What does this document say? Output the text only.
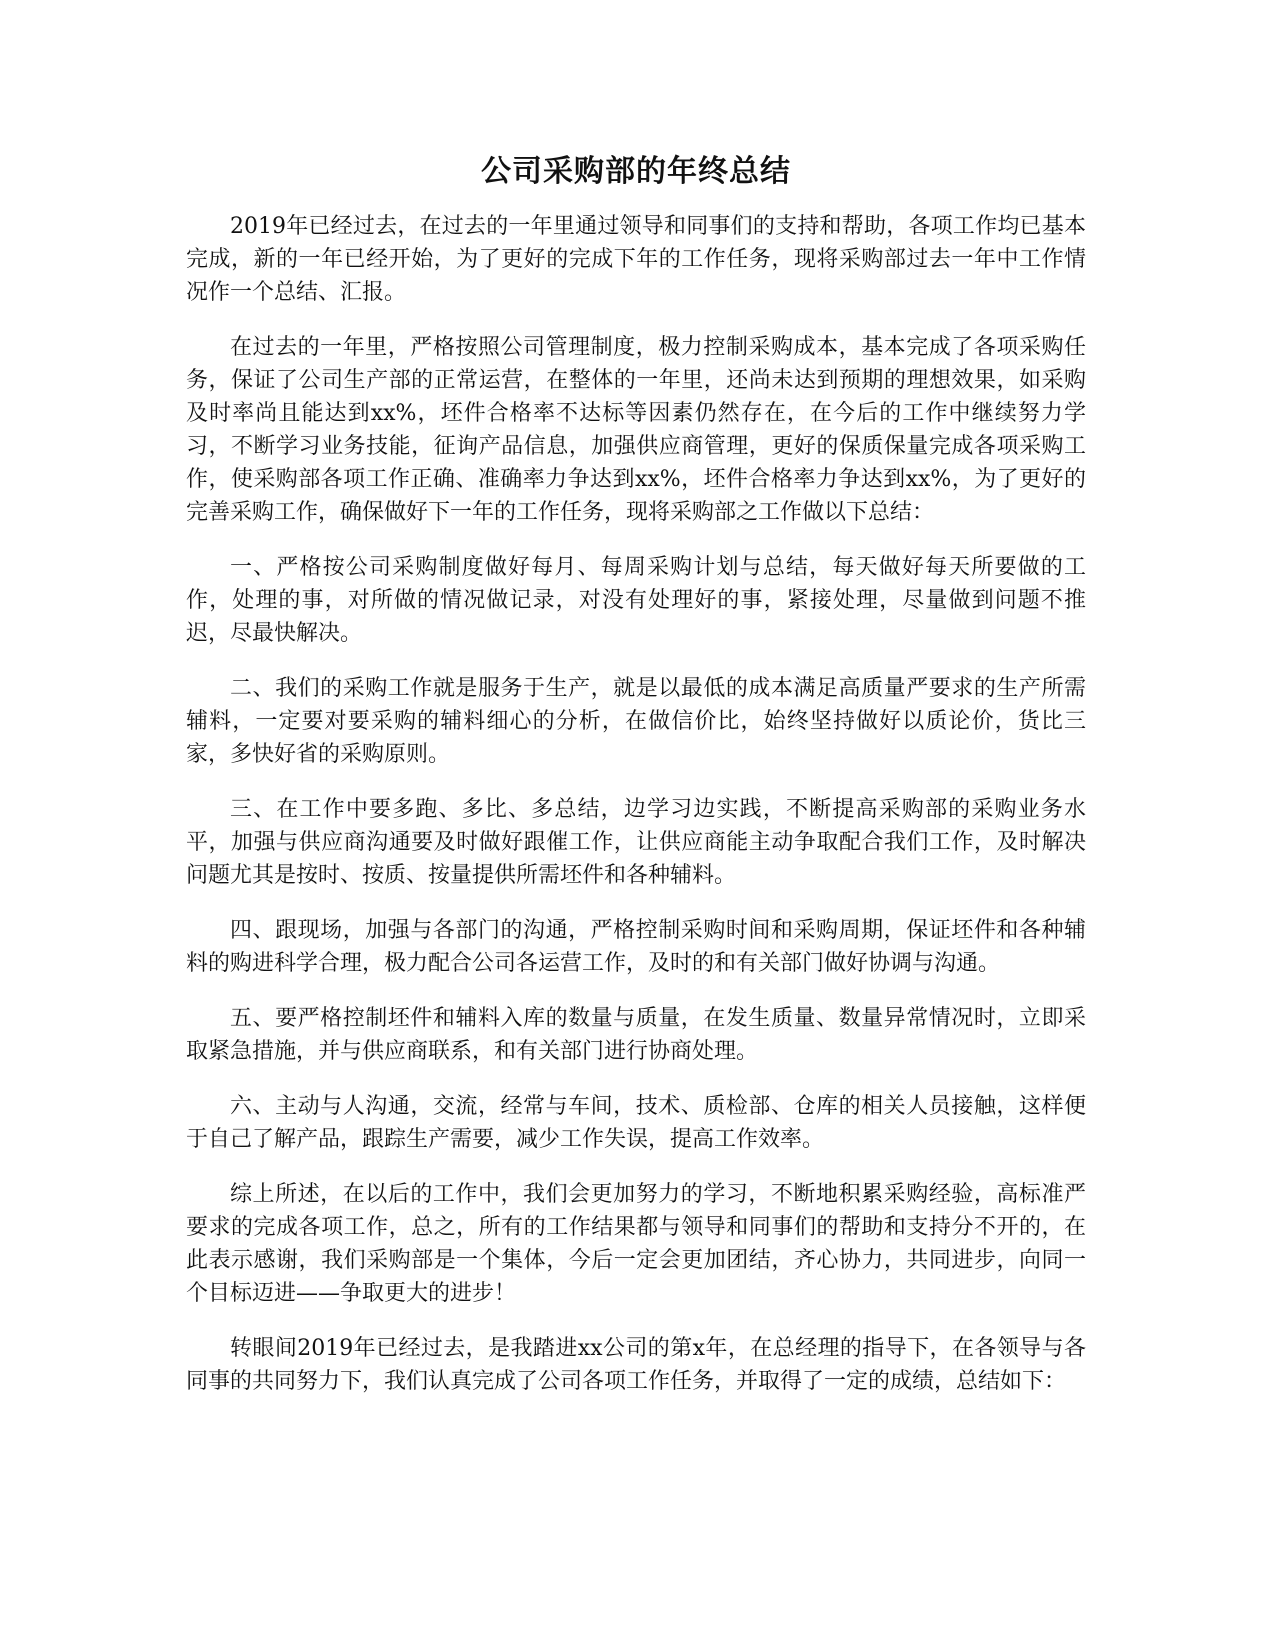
公司采购部的年终总结

2019年已经过去，在过去的一年里通过领导和同事们的支持和帮助，各项工作均已基本完成，新的一年已经开始，为了更好的完成下年的工作任务，现将采购部过去一年中工作情况作一个总结、汇报。

在过去的一年里，严格按照公司管理制度，极力控制采购成本，基本完成了各项采购任务，保证了公司生产部的正常运营，在整体的一年里，还尚未达到预期的理想效果，如采购及时率尚且能达到xx%，坯件合格率不达标等因素仍然存在，在今后的工作中继续努力学习，不断学习业务技能，征询产品信息，加强供应商管理，更好的保质保量完成各项采购工作，使采购部各项工作正确、准确率力争达到xx%，坯件合格率力争达到xx%，为了更好的完善采购工作，确保做好下一年的工作任务，现将采购部之工作做以下总结：

一、严格按公司采购制度做好每月、每周采购计划与总结，每天做好每天所要做的工作，处理的事，对所做的情况做记录，对没有处理好的事，紧接处理，尽量做到问题不推迟，尽最快解决。

二、我们的采购工作就是服务于生产，就是以最低的成本满足高质量严要求的生产所需辅料，一定要对要采购的辅料细心的分析，在做信价比，始终坚持做好以质论价，货比三家，多快好省的采购原则。

三、在工作中要多跑、多比、多总结，边学习边实践，不断提高采购部的采购业务水平，加强与供应商沟通要及时做好跟催工作，让供应商能主动争取配合我们工作，及时解决问题尤其是按时、按质、按量提供所需坯件和各种辅料。

四、跟现场，加强与各部门的沟通，严格控制采购时间和采购周期，保证坯件和各种辅料的购进科学合理，极力配合公司各运营工作，及时的和有关部门做好协调与沟通。

五、要严格控制坯件和辅料入库的数量与质量，在发生质量、数量异常情况时，立即采取紧急措施，并与供应商联系，和有关部门进行协商处理。

六、主动与人沟通，交流，经常与车间，技术、质检部、仓库的相关人员接触，这样便于自己了解产品，跟踪生产需要，减少工作失误，提高工作效率。

综上所述，在以后的工作中，我们会更加努力的学习，不断地积累采购经验，高标准严要求的完成各项工作，总之，所有的工作结果都与领导和同事们的帮助和支持分不开的，在此表示感谢，我们采购部是一个集体，今后一定会更加团结，齐心协力，共同进步，向同一个目标迈进——争取更大的进步！

转眼间2019年已经过去，是我踏进xx公司的第x年，在总经理的指导下，在各领导与各同事的共同努力下，我们认真完成了公司各项工作任务，并取得了一定的成绩，总结如下：
